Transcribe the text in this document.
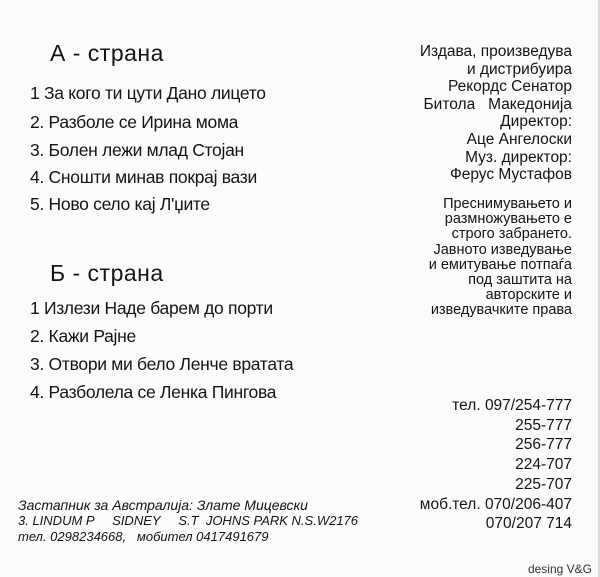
А - страна
1 За кого ти цути Дано лицето
2. Разболе се Ирина мома
3. Болен лежи млад Стојан
4. Сношти минав покрај вази
5. Ново село кај Л'џите
Б - страна
1 Излези Наде барем до порти
2. Кажи Рајне
3. Отвори ми бело Ленче вратата
4. Разболела се Ленка Пингова
Издава, произведува
и дистрибуира
Рекордс Сенатор
Битола   Македонија
Директор:
Аце Ангелоски
Муз. директор:
Ферус Мустафов
Преснимувањето и
размножувањето е
строго забрането.
Јавното изведување
и емитување потпаѓа
под заштита на
авторските и
изведувачките права
тел. 097/254-777
255-777
256-777
224-707
225-707
моб.тел. 070/206-407
070/207 714
Застапник за Австралија: Злате Мицевски
3. LINDUM P     SIDNEY     S.T  JOHNS PARK N.S.W2176
тел. 0298234668,   мобител 0417491679
desing V&G
